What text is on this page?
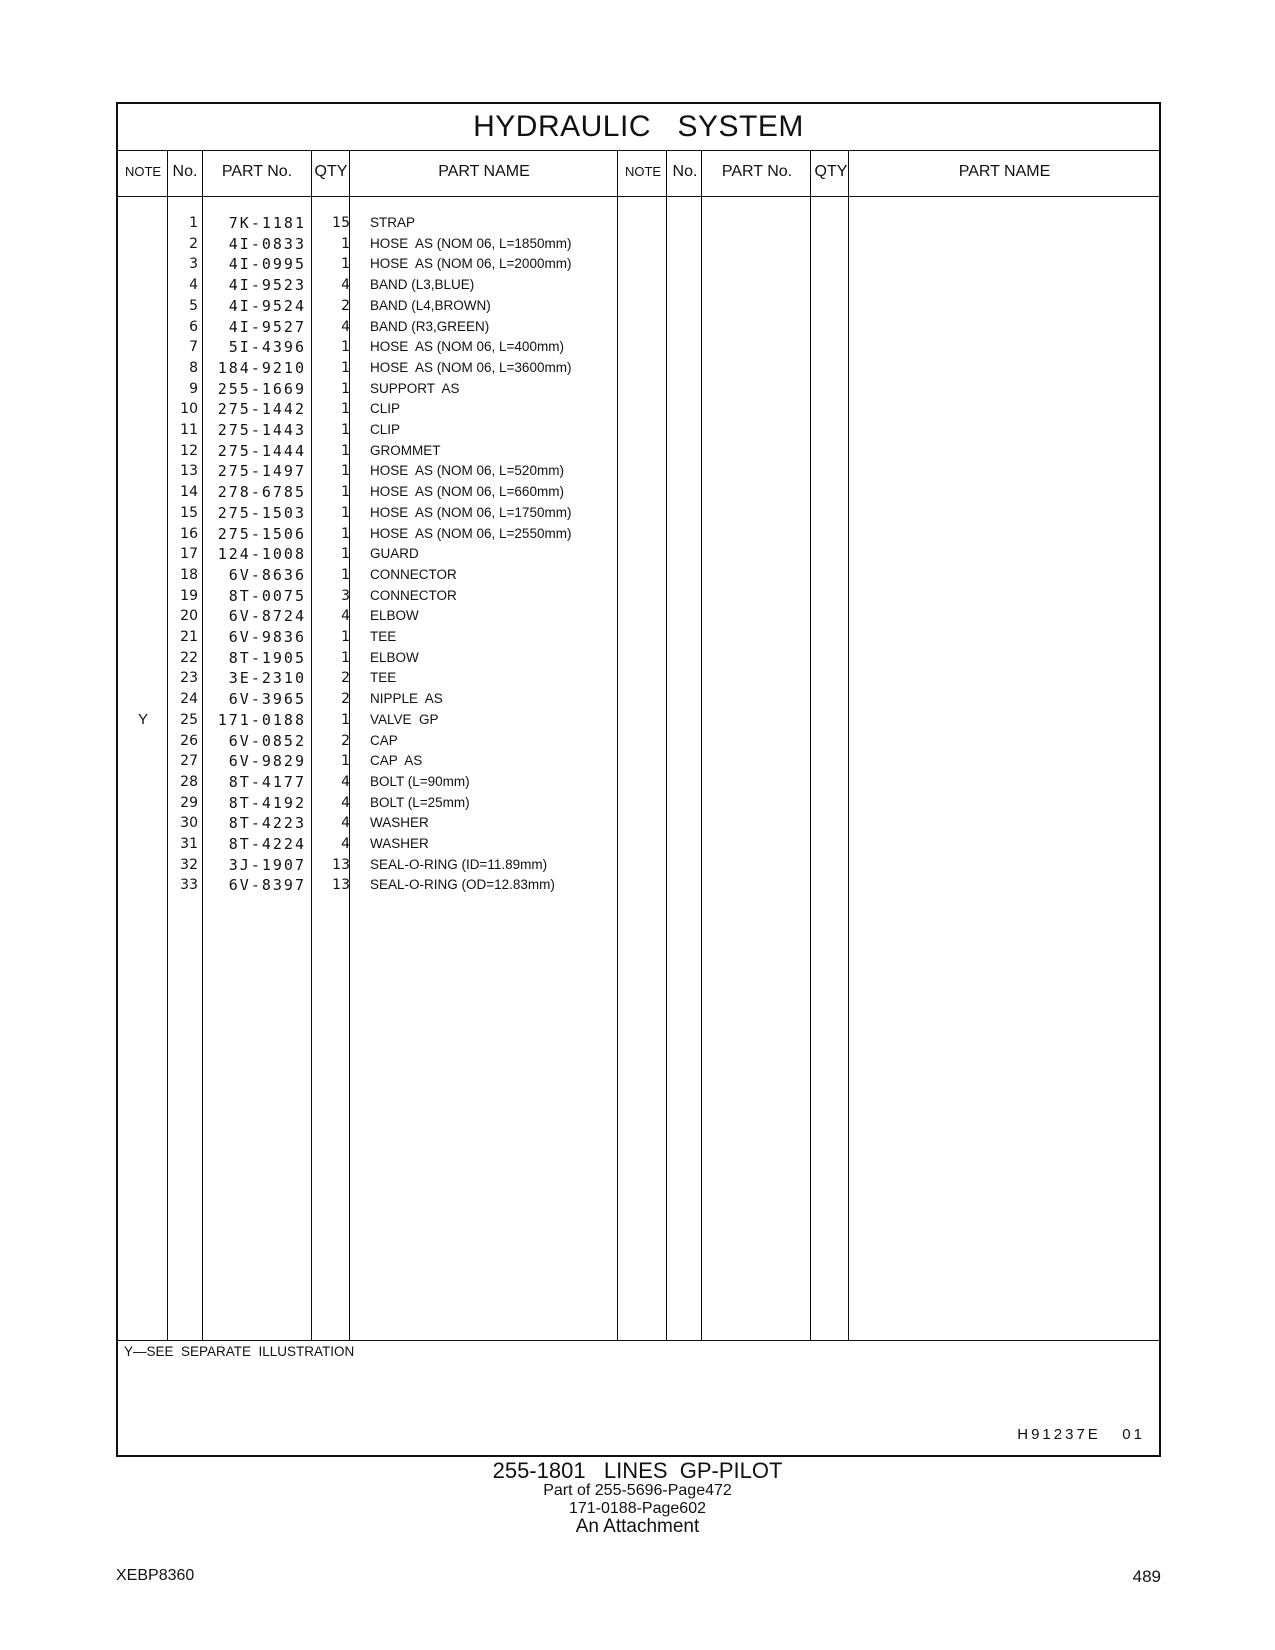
HYDRAULIC   SYSTEM
NOTE No.	PART No.	QTY	PART NAME	NOTE No.	PART No.	QTY	PART NAME
1	7K-1181	15 STRAP
2	4I-0833	1 HOSE  AS (NOM 06, L=1850mm)
3	4I-0995	1 HOSE  AS (NOM 06, L=2000mm)
4	4I-9523	4 BAND (L3,BLUE)
5	4I-9524	2 BAND (L4,BROWN)
6	4I-9527	4 BAND (R3,GREEN)
7	5I-4396	1 HOSE  AS (NOM 06, L=400mm)
8	184-9210	1 HOSE  AS (NOM 06, L=3600mm)
9	255-1669	1 SUPPORT  AS
10	275-1442	1 CLIP
11	275-1443	1 CLIP
12	275-1444	1 GROMMET
13	275-1497	1 HOSE  AS (NOM 06, L=520mm)
14	278-6785	1 HOSE  AS (NOM 06, L=660mm)
15	275-1503	1 HOSE  AS (NOM 06, L=1750mm)
16	275-1506	1 HOSE  AS (NOM 06, L=2550mm)
17	124-1008	1 GUARD
18	6V-8636	1 CONNECTOR
19	8T-0075	3 CONNECTOR
20	6V-8724	4 ELBOW
21	6V-9836	1 TEE
22	8T-1905	1 ELBOW
23	3E-2310	2 TEE
24	6V-3965	2 NIPPLE  AS
Y	25	171-0188	1 VALVE  GP
26	6V-0852	2 CAP
27	6V-9829	1 CAP  AS
28	8T-4177	4 BOLT (L=90mm)
29	8T-4192	4 BOLT (L=25mm)
30	8T-4223	4 WASHER
31	8T-4224	4 WASHER
32	3J-1907	13 SEAL-O-RING (ID=11.89mm)
33	6V-8397	13 SEAL-O-RING (OD=12.83mm)
Y—SEE  SEPARATE  ILLUSTRATION
H91237E   01
255-1801   LINES  GP-PILOT
Part of 255-5696-Page472
171-0188-Page602
An Attachment
XEBP8360	489
